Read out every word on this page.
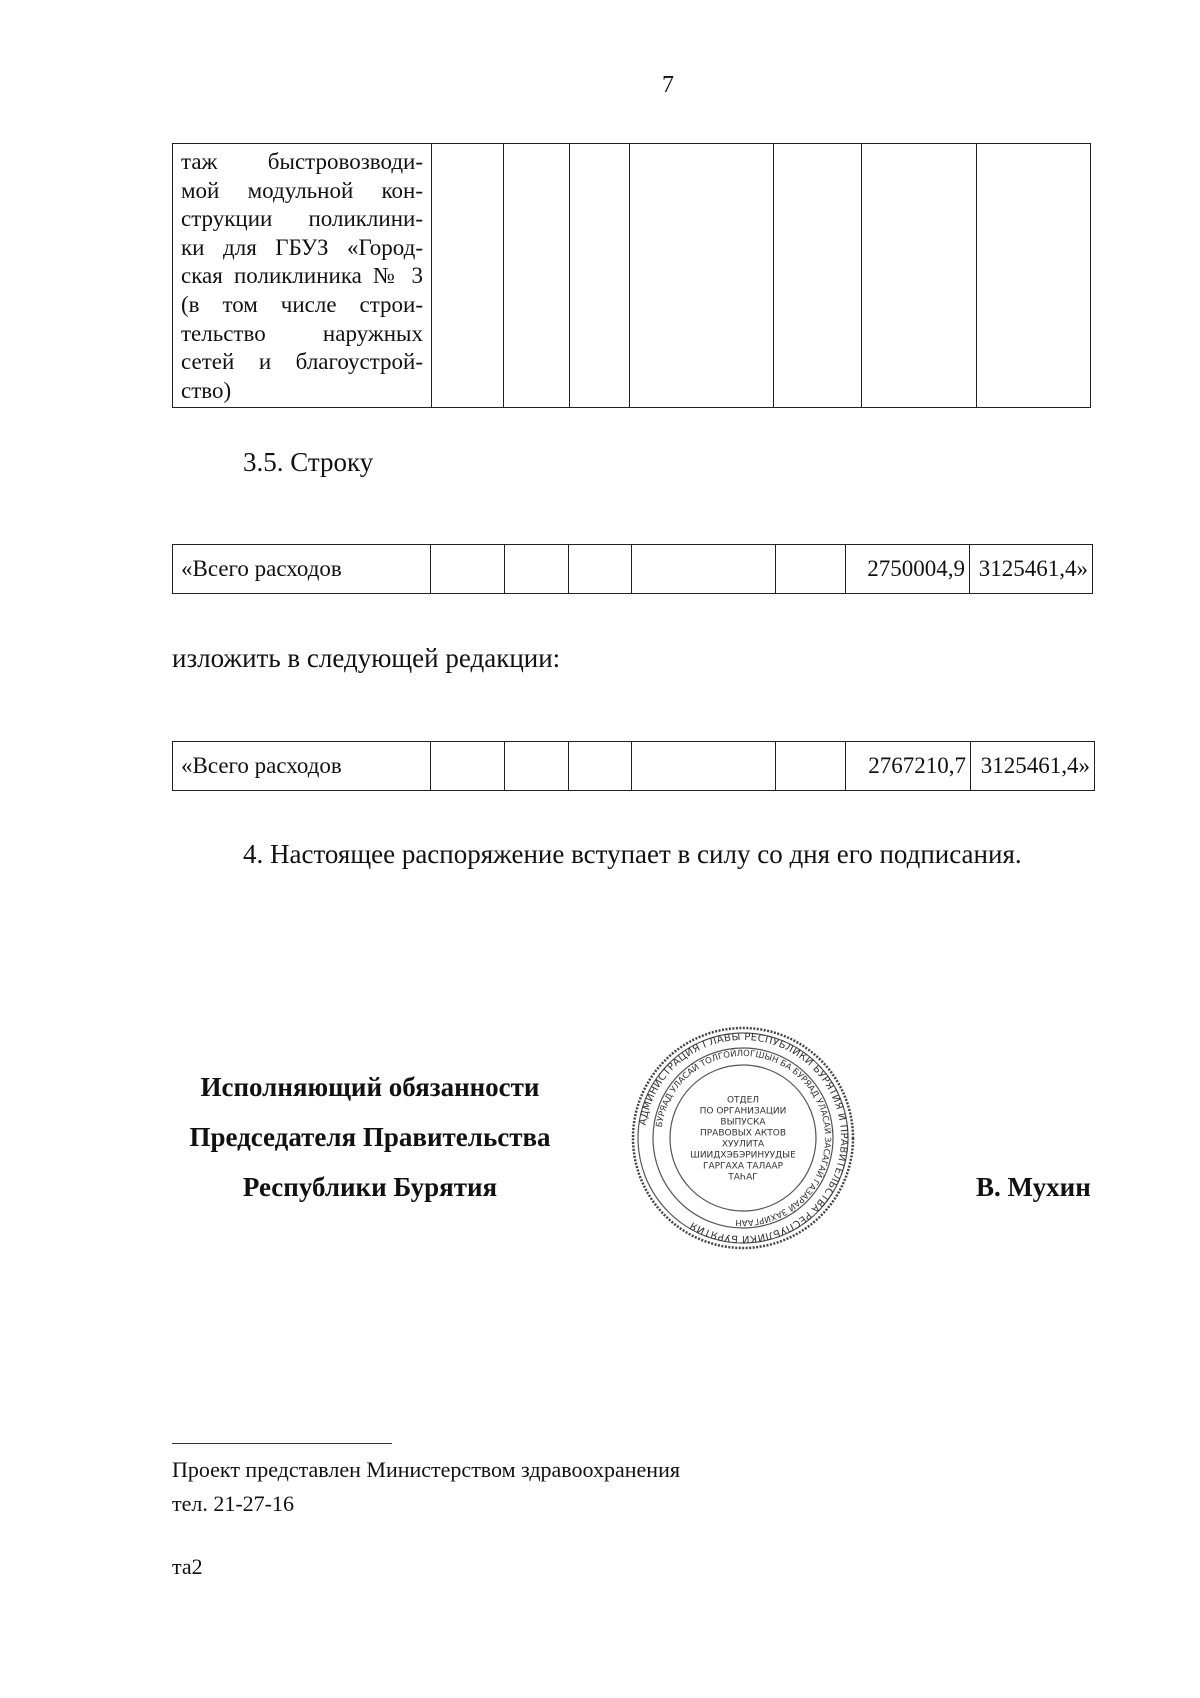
7
таж быстровозводи-
мой модульной кон-
струкции поликлини-
ки для ГБУЗ «Город-
ская поликлиника № 3
(в том числе строи-
тельство наружных
сетей и благоустрой-
ство)

3.5. Строку
«Всего расходов						2750004,9	3125461,4»
изложить в следующей редакции:
«Всего расходов						2767210,7	3125461,4»
4. Настоящее распоряжение вступает в силу со дня его подписания.
Исполняющий обязанности
Председателя Правительства
Республики Бурятия	В. Мухин
АДМИНИСТРАЦИЯ ГЛАВЫ РЕСПУБЛИКИ БУРЯТИЯ И ПРАВИТЕЛЬСТВА РЕСПУБЛИКИ БУРЯТИЯ
БУРЯАД УЛАСАЙ ТОЛГОЙЛОГШЫН БА БУРЯАД УЛАСАЙ ЗАСАГАЙ ГАЗАРАЙ ЗАХИРГААН
ОТДЕЛ
ПО ОРГАНИЗАЦИИ
ВЫПУСКА
ПРАВОВЫХ АКТОВ
ХУУЛИТА
ШИИДХЭБЭРИНУУДЫЕ
ГАРГАХА ТАЛААР
ТАҺАГ
Проект представлен Министерством здравоохранения
тел. 21-27-16
та2
